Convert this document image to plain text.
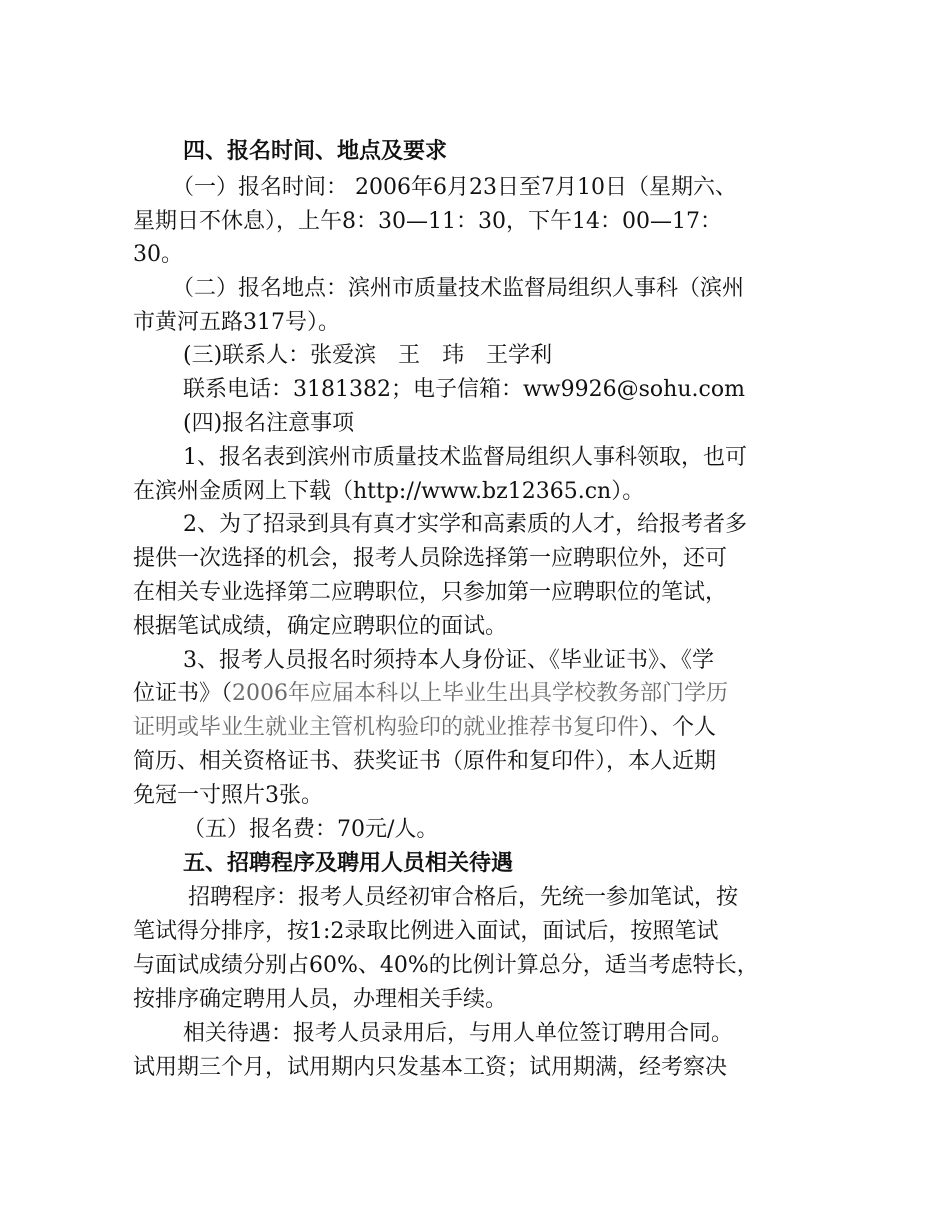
四、报名时间、地点及要求
（一）报名时间： 2006年6月23日至7月10日（星期六、
星期日不休息），上午8：30—11：30，下午14：00—17：
30。
（二）报名地点：滨州市质量技术监督局组织人事科（滨州
市黄河五路317号）。
(三)联系人：张爱滨　王　玮　王学利
联系电话：3181382；电子信箱：ww9926@sohu.com
(四)报名注意事项
1、报名表到滨州市质量技术监督局组织人事科领取，也可
在滨州金质网上下载（http://www.bz12365.cn）。
2、为了招录到具有真才实学和高素质的人才，给报考者多
提供一次选择的机会，报考人员除选择第一应聘职位外，还可
在相关专业选择第二应聘职位，只参加第一应聘职位的笔试，
根据笔试成绩，确定应聘职位的面试。
3、报考人员报名时须持本人身份证、《毕业证书》、《学
位证书》（2006年应届本科以上毕业生出具学校教务部门学历
证明或毕业生就业主管机构验印的就业推荐书复印件）、个人
简历、相关资格证书、获奖证书（原件和复印件），本人近期
免冠一寸照片3张。
（五）报名费：70元/人。
五、招聘程序及聘用人员相关待遇
招聘程序：报考人员经初审合格后，先统一参加笔试，按
笔试得分排序，按1:2录取比例进入面试，面试后，按照笔试
与面试成绩分别占60%、40%的比例计算总分，适当考虑特长，
按排序确定聘用人员，办理相关手续。
相关待遇：报考人员录用后，与用人单位签订聘用合同。
试用期三个月，试用期内只发基本工资；试用期满，经考察决
